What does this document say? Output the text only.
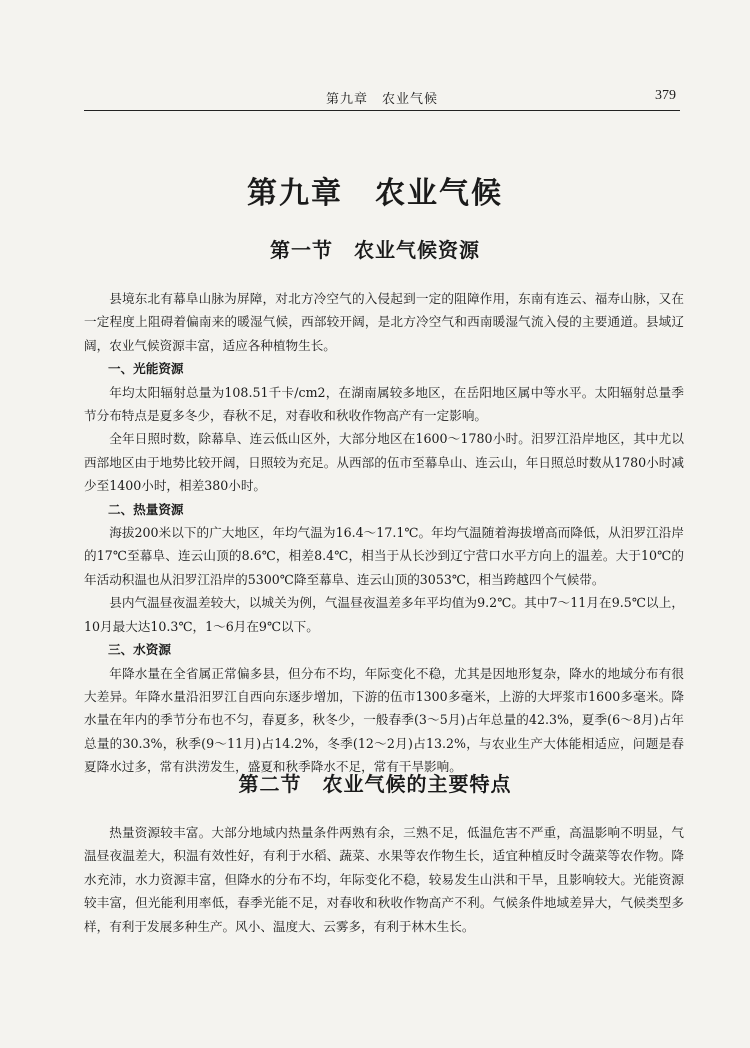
第九章　农业气候	379
第九章　农业气候
第一节　农业气候资源

县境东北有幕阜山脉为屏障，对北方冷空气的入侵起到一定的阻障作用，东南有连云、福寿山脉，又在一定程度上阻碍着偏南来的暖湿气候，西部较开阔，是北方冷空气和西南暖湿气流入侵的主要通道。县域辽阔，农业气候资源丰富，适应各种植物生长。

一、光能资源

年均太阳辐射总量为108.51千卡/cm2，在湖南属较多地区，在岳阳地区属中等水平。太阳辐射总量季节分布特点是夏多冬少，春秋不足，对春收和秋收作物高产有一定影响。

全年日照时数，除幕阜、连云低山区外，大部分地区在1600～1780小时。汨罗江沿岸地区，其中尤以西部地区由于地势比较开阔，日照较为充足。从西部的伍市至幕阜山、连云山，年日照总时数从1780小时减少至1400小时，相差380小时。

二、热量资源

海拔200米以下的广大地区，年均气温为16.4～17.1℃。年均气温随着海拔增高而降低，从汨罗江沿岸的17℃至幕阜、连云山顶的8.6℃，相差8.4℃，相当于从长沙到辽宁营口水平方向上的温差。大于10℃的年活动积温也从汨罗江沿岸的5300℃降至幕阜、连云山顶的3053℃，相当跨越四个气候带。

县内气温昼夜温差较大，以城关为例，气温昼夜温差多年平均值为9.2℃。其中7～11月在9.5℃以上，10月最大达10.3℃，1～6月在9℃以下。

三、水资源

年降水量在全省属正常偏多县，但分布不均，年际变化不稳，尤其是因地形复杂，降水的地域分布有很大差异。年降水量沿汨罗江自西向东逐步增加，下游的伍市1300多毫米，上游的大坪浆市1600多毫米。降水量在年内的季节分布也不匀，春夏多，秋冬少，一般春季(3～5月)占年总量的42.3%，夏季(6～8月)占年总量的30.3%，秋季(9～11月)占14.2%，冬季(12～2月)占13.2%，与农业生产大体能相适应，问题是春夏降水过多，常有洪涝发生，盛夏和秋季降水不足，常有干旱影响。

第二节　农业气候的主要特点

热量资源较丰富。大部分地域内热量条件两熟有余，三熟不足，低温危害不严重，高温影响不明显，气温昼夜温差大，积温有效性好，有利于水稻、蔬菜、水果等农作物生长，适宜种植反时令蔬菜等农作物。降水充沛，水力资源丰富，但降水的分布不均，年际变化不稳，较易发生山洪和干旱，且影响较大。光能资源较丰富，但光能利用率低，春季光能不足，对春收和秋收作物高产不利。气候条件地域差异大，气候类型多样，有利于发展多种生产。风小、温度大、云雾多，有利于林木生长。
